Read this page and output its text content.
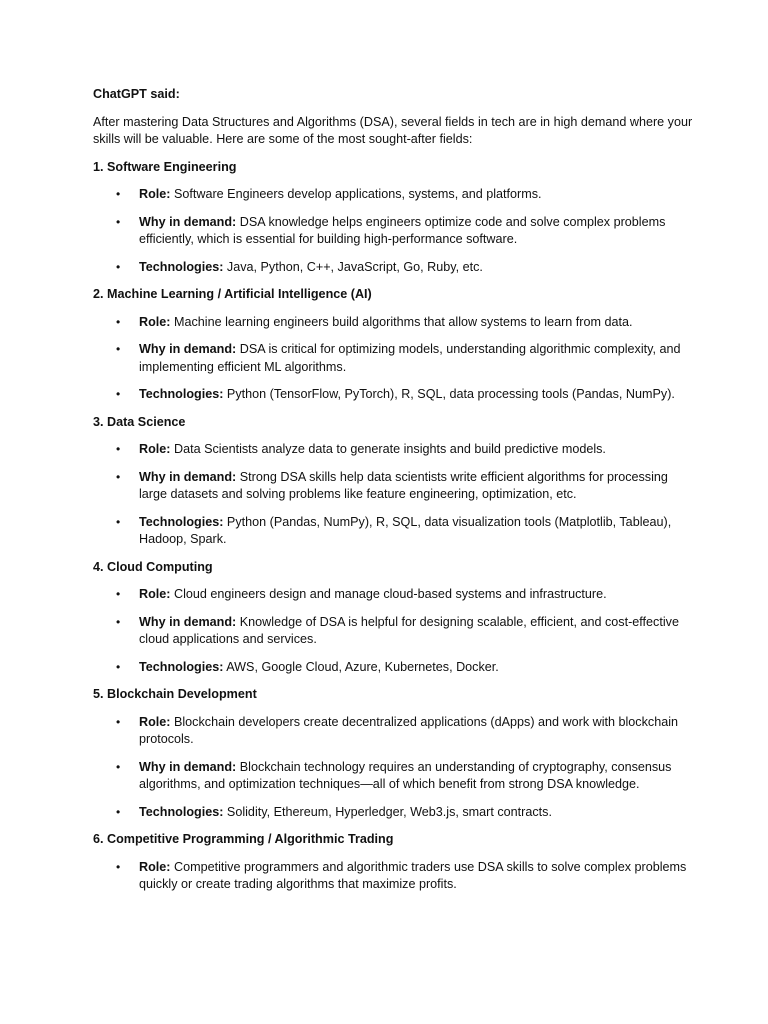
ChatGPT said:

After mastering Data Structures and Algorithms (DSA), several fields in tech are in high demand where your skills will be valuable. Here are some of the most sought-after fields:

1. Software Engineering

• Role: Software Engineers develop applications, systems, and platforms.
• Why in demand: DSA knowledge helps engineers optimize code and solve complex problems efficiently, which is essential for building high-performance software.
• Technologies: Java, Python, C++, JavaScript, Go, Ruby, etc.

2. Machine Learning / Artificial Intelligence (AI)

• Role: Machine learning engineers build algorithms that allow systems to learn from data.
• Why in demand: DSA is critical for optimizing models, understanding algorithmic complexity, and implementing efficient ML algorithms.
• Technologies: Python (TensorFlow, PyTorch), R, SQL, data processing tools (Pandas, NumPy).

3. Data Science

• Role: Data Scientists analyze data to generate insights and build predictive models.
• Why in demand: Strong DSA skills help data scientists write efficient algorithms for processing large datasets and solving problems like feature engineering, optimization, etc.
• Technologies: Python (Pandas, NumPy), R, SQL, data visualization tools (Matplotlib, Tableau), Hadoop, Spark.

4. Cloud Computing

• Role: Cloud engineers design and manage cloud-based systems and infrastructure.
• Why in demand: Knowledge of DSA is helpful for designing scalable, efficient, and cost-effective cloud applications and services.
• Technologies: AWS, Google Cloud, Azure, Kubernetes, Docker.

5. Blockchain Development

• Role: Blockchain developers create decentralized applications (dApps) and work with blockchain protocols.
• Why in demand: Blockchain technology requires an understanding of cryptography, consensus algorithms, and optimization techniques—all of which benefit from strong DSA knowledge.
• Technologies: Solidity, Ethereum, Hyperledger, Web3.js, smart contracts.

6. Competitive Programming / Algorithmic Trading

• Role: Competitive programmers and algorithmic traders use DSA skills to solve complex problems quickly or create trading algorithms that maximize profits.
